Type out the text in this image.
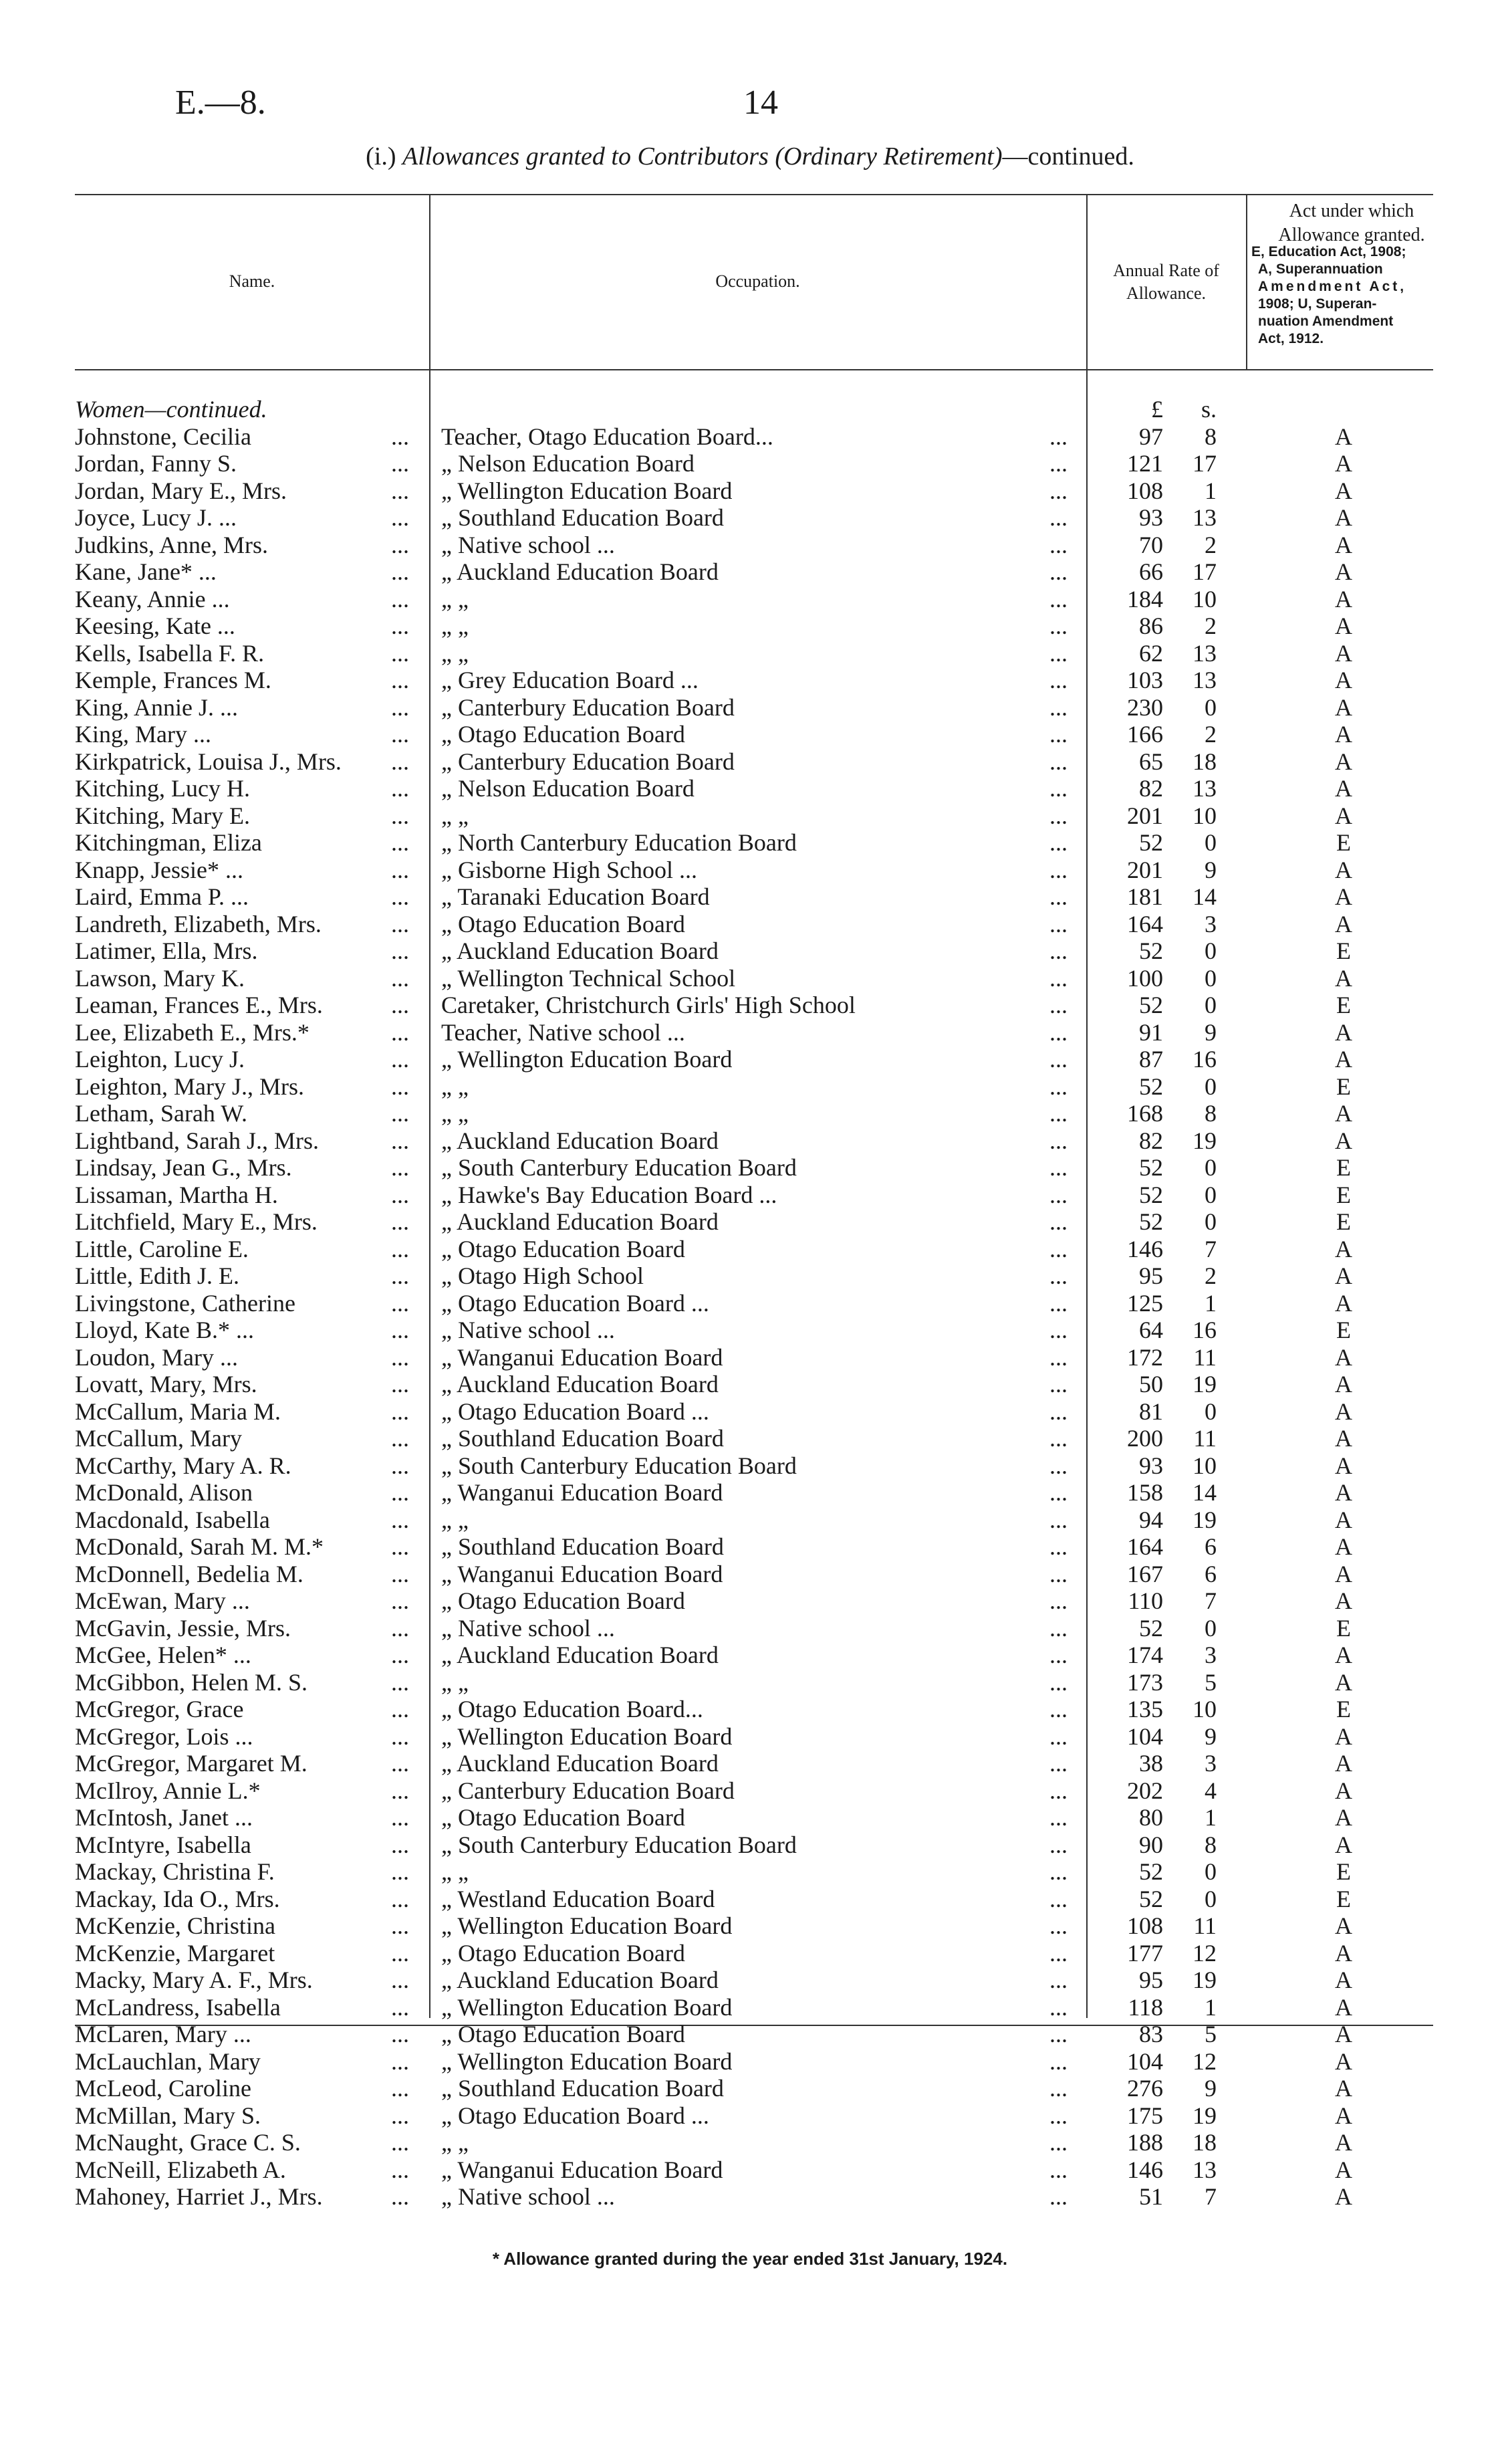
E.—8.	14
(i.) Allowances granted to Contributors (Ordinary Retirement)—continued.
Name.	Occupation.
Annual Rate of
Allowance.
Act under which
Allowance granted.
E, Education Act, 1908;
A, Superannuation
Amendment Act,
1908; U, Superan-
nuation Amendment
Act, 1912.
Women—continued.	£	s.
Johnstone, Cecilia	... Teacher, Otago Education Board...	...	97	8	A
Jordan, Fanny S.	... „ Nelson Education Board	...	121	17	A
Jordan, Mary E., Mrs.	... „ Wellington Education Board	...	108	1	A
Joyce, Lucy J. ...	... „ Southland Education Board	...	93	13	A
Judkins, Anne, Mrs.	... „ Native school ...	...	70	2	A
Kane, Jane* ...	... „ Auckland Education Board	...	66	17	A
Keany, Annie ...	... „ „	...	184	10	A
Keesing, Kate ...	... „ „	...	86	2	A
Kells, Isabella F. R.	... „ „	...	62	13	A
Kemple, Frances M.	... „ Grey Education Board ...	...	103	13	A
King, Annie J. ...	... „ Canterbury Education Board	...	230	0	A
King, Mary ...	... „ Otago Education Board	...	166	2	A
Kirkpatrick, Louisa J., Mrs. ... „ Canterbury Education Board	...	65	18	A
Kitching, Lucy H.	... „ Nelson Education Board	...	82	13	A
Kitching, Mary E.	... „ „	...	201	10	A
Kitchingman, Eliza	... „ North Canterbury Education Board	...	52	0	E
Knapp, Jessie* ...	... „ Gisborne High School ...	...	201	9	A
Laird, Emma P. ...	... „ Taranaki Education Board	...	181	14	A
Landreth, Elizabeth, Mrs.	... „ Otago Education Board	...	164	3	A
Latimer, Ella, Mrs.	... „ Auckland Education Board	...	52	0	E
Lawson, Mary K.	... „ Wellington Technical School	...	100	0	A
Leaman, Frances E., Mrs.	... Caretaker, Christchurch Girls' High School	...	52	0	E
Lee, Elizabeth E., Mrs.*	... Teacher, Native school ...	...	91	9	A
Leighton, Lucy J.	... „ Wellington Education Board	...	87	16	A
Leighton, Mary J., Mrs.	... „ „	...	52	0	E
Letham, Sarah W.	... „ „	...	168	8	A
Lightband, Sarah J., Mrs.	... „ Auckland Education Board	...	82	19	A
Lindsay, Jean G., Mrs.	... „ South Canterbury Education Board	...	52	0	E
Lissaman, Martha H.	... „ Hawke's Bay Education Board ...	...	52	0	E
Litchfield, Mary E., Mrs.	... „ Auckland Education Board	...	52	0	E
Little, Caroline E.	... „ Otago Education Board	...	146	7	A
Little, Edith J. E.	... „ Otago High School	...	95	2	A
Livingstone, Catherine	... „ Otago Education Board ...	...	125	1	A
Lloyd, Kate B.* ...	... „ Native school ...	...	64	16	E
Loudon, Mary ...	... „ Wanganui Education Board	...	172	11	A
Lovatt, Mary, Mrs.	... „ Auckland Education Board	...	50	19	A
McCallum, Maria M.	... „ Otago Education Board ...	...	81	0	A
McCallum, Mary	... „ Southland Education Board	...	200	11	A
McCarthy, Mary A. R.	... „ South Canterbury Education Board	...	93	10	A
McDonald, Alison	... „ Wanganui Education Board	...	158	14	A
Macdonald, Isabella	... „ „	...	94	19	A
McDonald, Sarah M. M.*	... „ Southland Education Board	...	164	6	A
McDonnell, Bedelia M.	... „ Wanganui Education Board	...	167	6	A
McEwan, Mary ...	... „ Otago Education Board	...	110	7	A
McGavin, Jessie, Mrs.	... „ Native school ...	...	52	0	E
McGee, Helen* ...	... „ Auckland Education Board	...	174	3	A
McGibbon, Helen M. S.	... „ „	...	173	5	A
McGregor, Grace	... „ Otago Education Board...	...	135	10	E
McGregor, Lois ...	... „ Wellington Education Board	...	104	9	A
McGregor, Margaret M.	... „ Auckland Education Board	...	38	3	A
McIlroy, Annie L.*	... „ Canterbury Education Board	...	202	4	A
McIntosh, Janet ...	... „ Otago Education Board	...	80	1	A
McIntyre, Isabella	... „ South Canterbury Education Board	...	90	8	A
Mackay, Christina F.	... „ „	...	52	0	E
Mackay, Ida O., Mrs.	... „ Westland Education Board	...	52	0	E
McKenzie, Christina	... „ Wellington Education Board	...	108	11	A
McKenzie, Margaret	... „ Otago Education Board	...	177	12	A
Macky, Mary A. F., Mrs.	... „ Auckland Education Board	...	95	19	A
McLandress, Isabella	... „ Wellington Education Board	...	118	1	A
McLaren, Mary ...	... „ Otago Education Board	...	83	5	A
McLauchlan, Mary	... „ Wellington Education Board	...	104	12	A
McLeod, Caroline	... „ Southland Education Board	...	276	9	A
McMillan, Mary S.	... „ Otago Education Board ...	...	175	19	A
McNaught, Grace C. S.	... „ „	...	188	18	A
McNeill, Elizabeth A.	... „ Wanganui Education Board	...	146	13	A
Mahoney, Harriet J., Mrs.	... „ Native school ...	...	51	7	A
* Allowance granted during the year ended 31st January, 1924.
